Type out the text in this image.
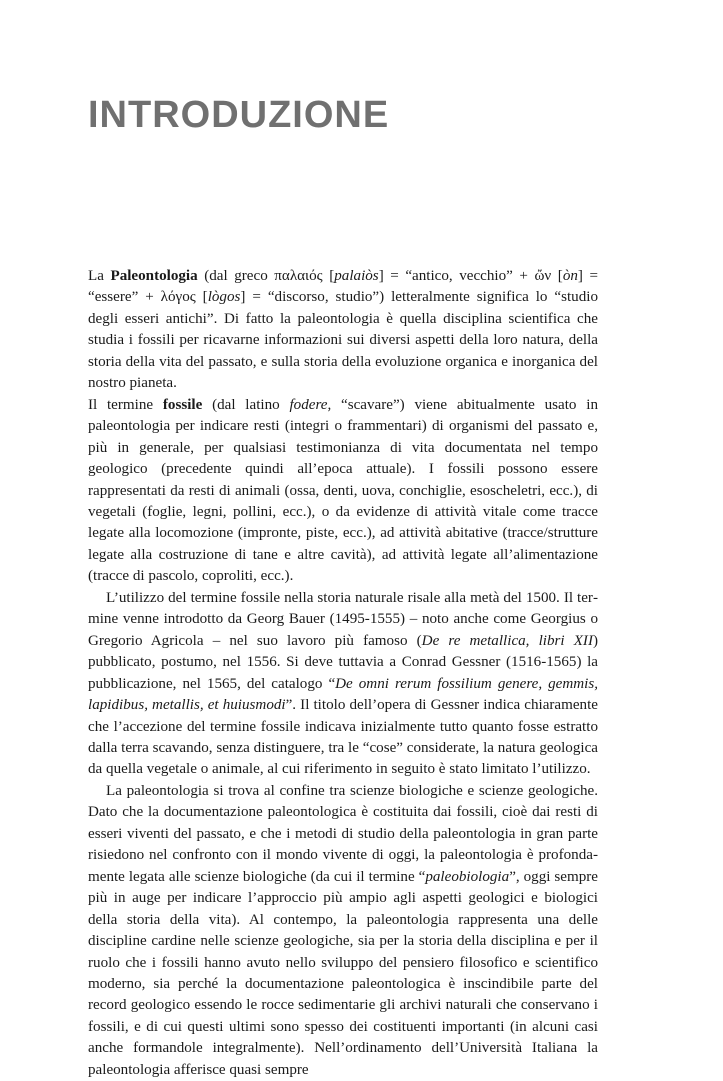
INTRODUZIONE

La Paleontologia (dal greco παλαιός [palaiòs] = “antico, vecchio” + ὤν [òn] = “essere” + λόγος [lògos] = “discorso, studio”) letteralmente significa lo “studio degli esseri antichi”. Di fatto la paleontologia è quella disciplina scientifica che studia i fossili per ricavarne informazioni sui diversi aspetti della loro natura, della storia della vita del passato, e sulla storia della evoluzione organica e inorganica del nostro pianeta.

Il termine fossile (dal latino fodere, “scavare”) viene abitualmente usato in paleontologia per indicare resti (integri o frammentari) di organismi del passato e, più in generale, per qualsiasi testimonianza di vita documentata nel tempo geologico (precedente quindi all’epoca attuale). I fossili possono essere rappresentati da resti di animali (ossa, denti, uova, conchiglie, esoscheletri, ecc.), di vegetali (foglie, legni, pollini, ecc.), o da evidenze di attività vitale come tracce legate alla locomozione (impronte, piste, ecc.), ad attività abitative (tracce/strutture legate alla costruzione di tane e altre cavità), ad attività legate all’alimentazione (tracce di pascolo, coproliti, ecc.).

L’utilizzo del termine fossile nella storia naturale risale alla metà del 1500. Il termine venne introdotto da Georg Bauer (1495-1555) – noto anche come Georgius o Gregorio Agricola – nel suo lavoro più famoso (De re metallica, libri XII) pubblicato, postumo, nel 1556. Si deve tuttavia a Conrad Gessner (1516-1565) la pubblicazione, nel 1565, del catalogo “De omni rerum fossilium genere, gemmis, lapidibus, metallis, et huiusmodi”. Il titolo dell’opera di Gessner indica chiaramente che l’accezione del termine fossile indicava inizialmente tutto quanto fosse estratto dalla terra scavando, senza distinguere, tra le “cose” considerate, la natura geologica da quella vegetale o animale, al cui riferimento in seguito è stato limitato l’utilizzo.

La paleontologia si trova al confine tra scienze biologiche e scienze geologiche. Dato che la documentazione paleontologica è costituita dai fossili, cioè dai resti di esseri viventi del passato, e che i metodi di studio della paleontologia in gran parte risiedono nel confronto con il mondo vivente di oggi, la paleontologia è profondamente legata alle scienze biologiche (da cui il termine “paleobiologia”, oggi sempre più in auge per indicare l’approccio più ampio agli aspetti geologici e biologici della storia della vita). Al contempo, la paleontologia rappresenta una delle discipline cardine nelle scienze geologiche, sia per la storia della disciplina e per il ruolo che i fossili hanno avuto nello sviluppo del pensiero filosofico e scientifico moderno, sia perché la documentazione paleontologica è inscindibile parte del record geologico essendo le rocce sedimentarie gli archivi naturali che conservano i fossili, e di cui questi ultimi sono spesso dei costituenti importanti (in alcuni casi anche formandole integralmente). Nell’ordinamento dell’Università Italiana la paleontologia afferisce quasi sempre
